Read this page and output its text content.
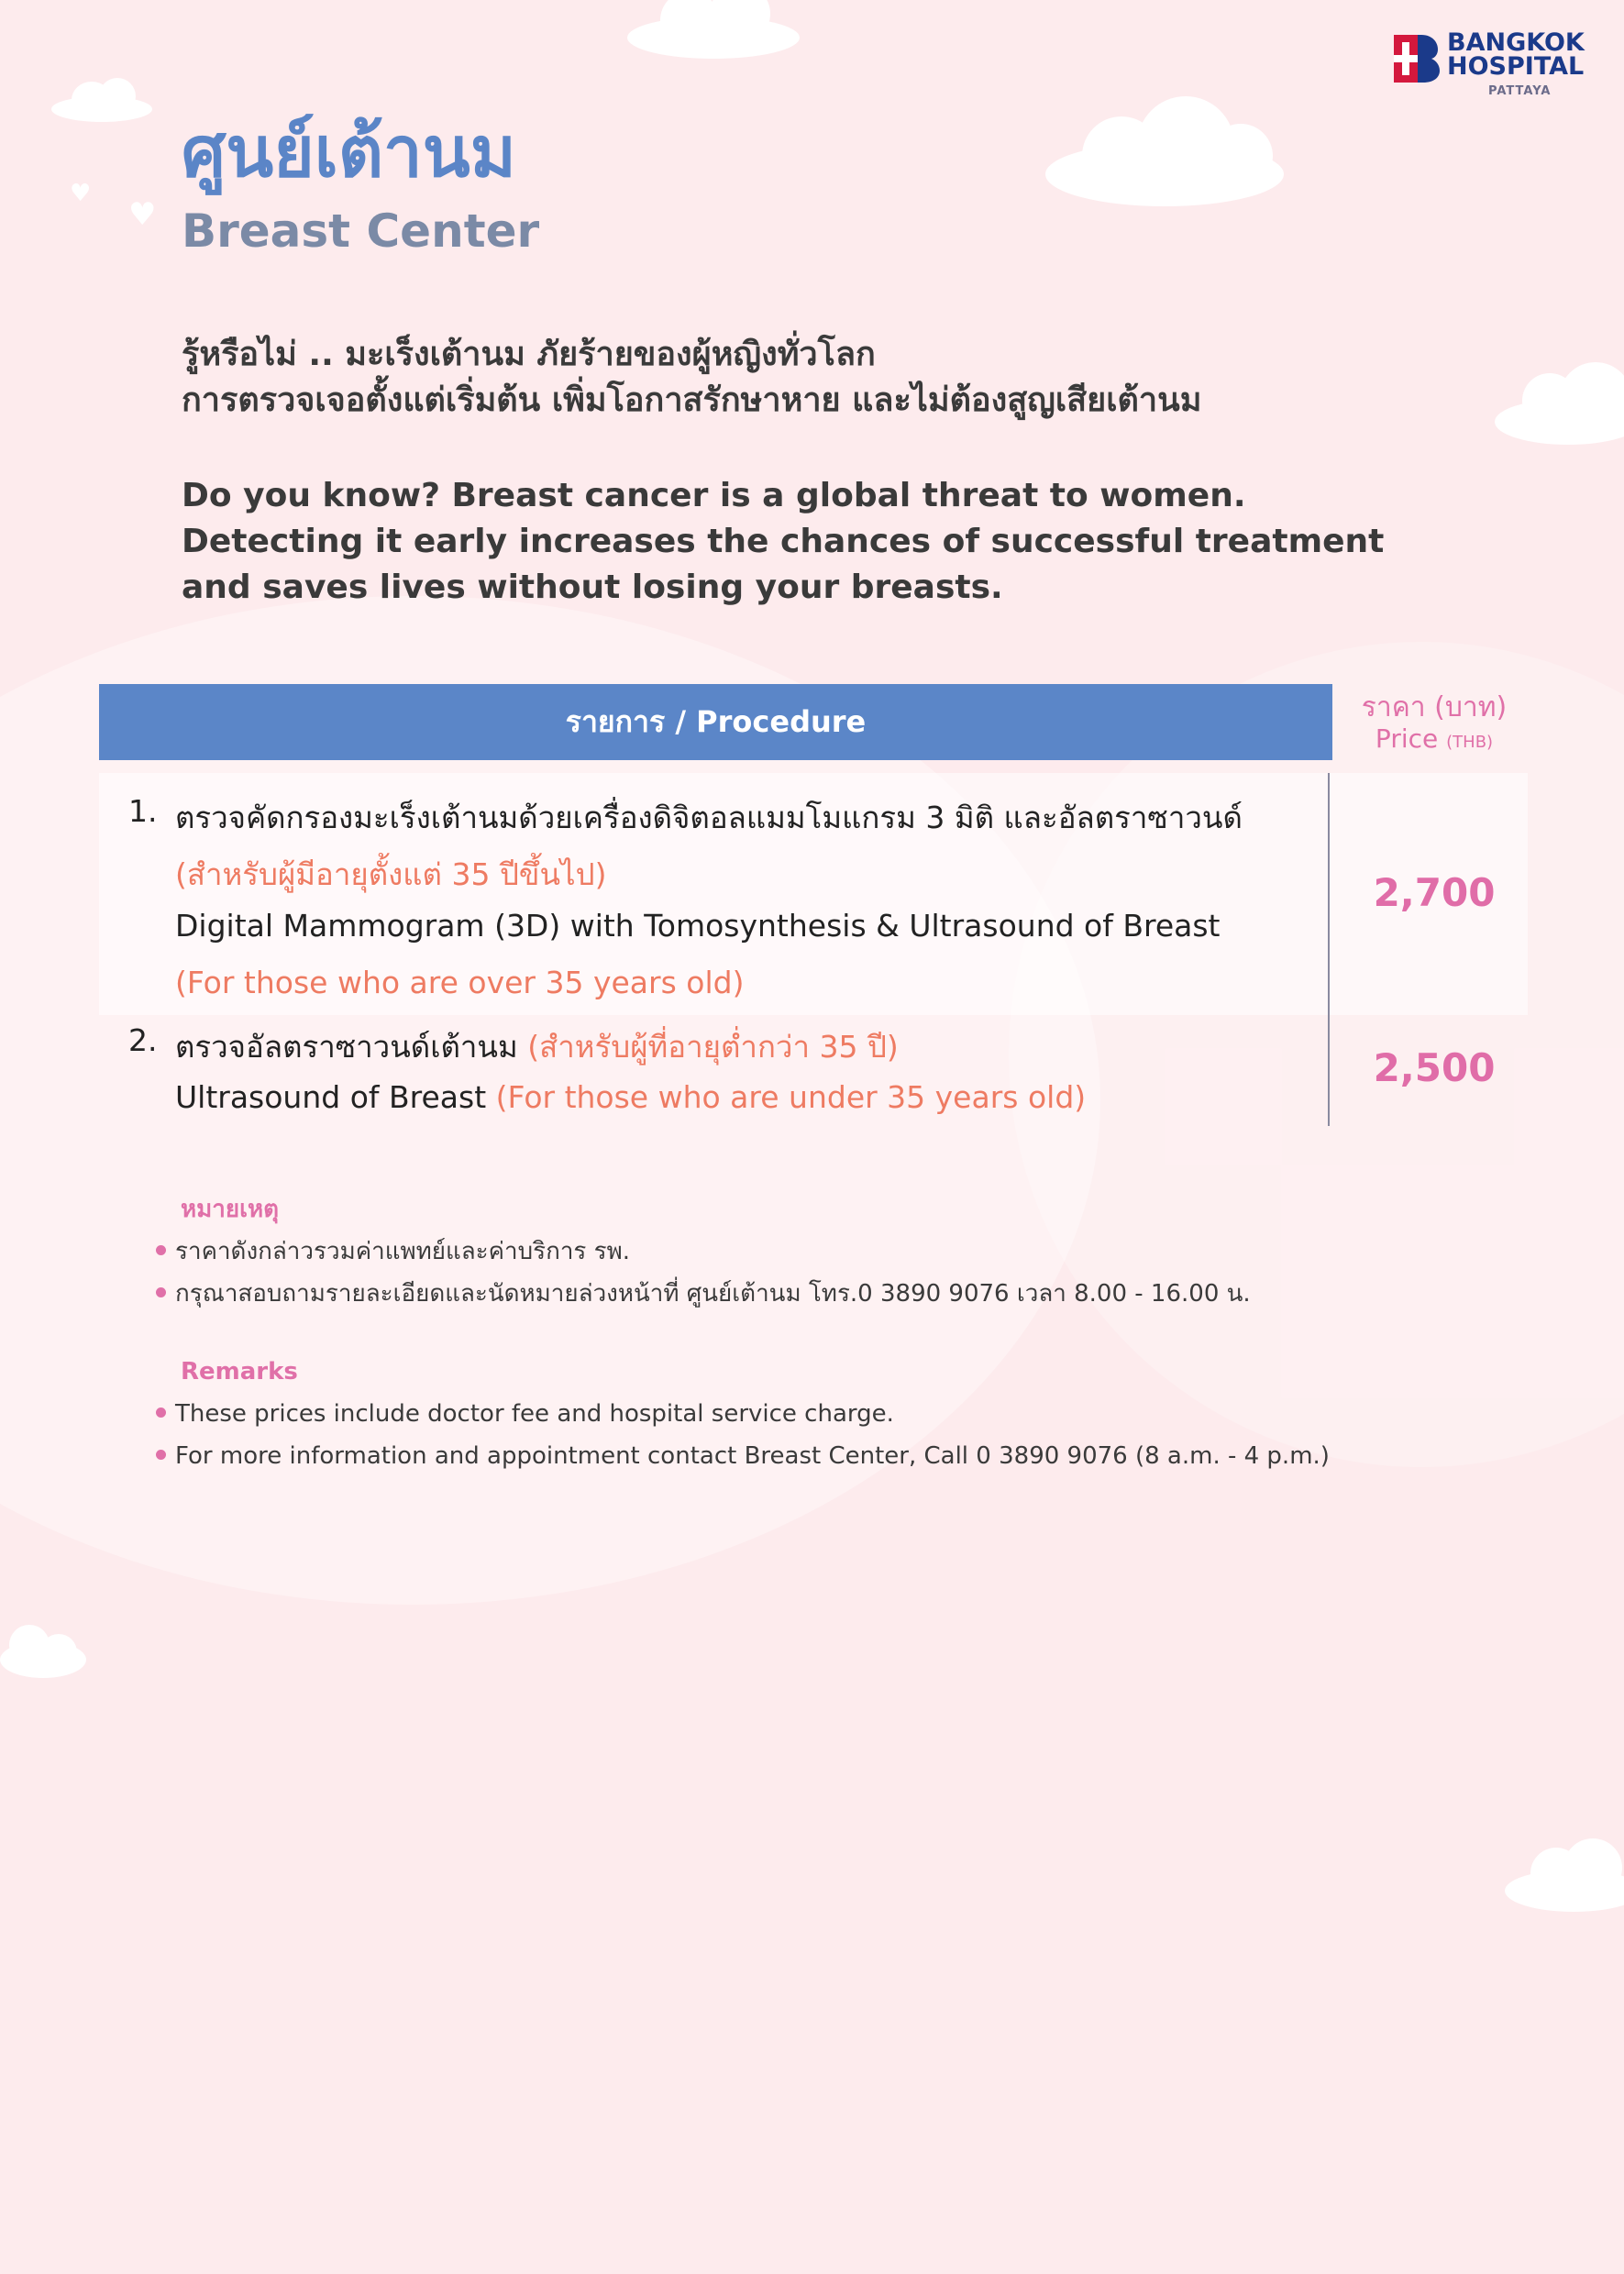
♥
♥
BANGKOK
HOSPITAL
PATTAYA
ศูนย์เต้านม
Breast Center

รู้หรือไม่ .. มะเร็งเต้านม ภัยร้ายของผู้หญิงทั่วโลก

การตรวจเจอตั้งแต่เริ่มต้น เพิ่มโอกาสรักษาหาย และไม่ต้องสูญเสียเต้านม

Do you know? Breast cancer is a global threat to women.

Detecting it early increases the chances of successful treatment

and saves lives without losing your breasts.

รายการ / Procedure	ราคา (บาท)
Price (THB)
1. ตรวจคัดกรองมะเร็งเต้านมด้วยเครื่องดิจิตอลแมมโมแกรม 3 มิติ และอัลตราซาวนด์
(สำหรับผู้มีอายุตั้งแต่ 35 ปีขึ้นไป)
Digital Mammogram (3D) with Tomosynthesis & Ultrasound of Breast
(For those who are over 35 years old)
2,700
2. ตรวจอัลตราซาวนด์เต้านม (สำหรับผู้ที่อายุต่ำกว่า 35 ปี)
Ultrasound of Breast (For those who are under 35 years old)
2,500
หมายเหตุ
ราคาดังกล่าวรวมค่าแพทย์และค่าบริการ รพ.
กรุณาสอบถามรายละเอียดและนัดหมายล่วงหน้าที่ ศูนย์เต้านม โทร.0 3890 9076 เวลา 8.00 - 16.00 น.
Remarks
These prices include doctor fee and hospital service charge.
For more information and appointment contact Breast Center, Call 0 3890 9076 (8 a.m. - 4 p.m.)
